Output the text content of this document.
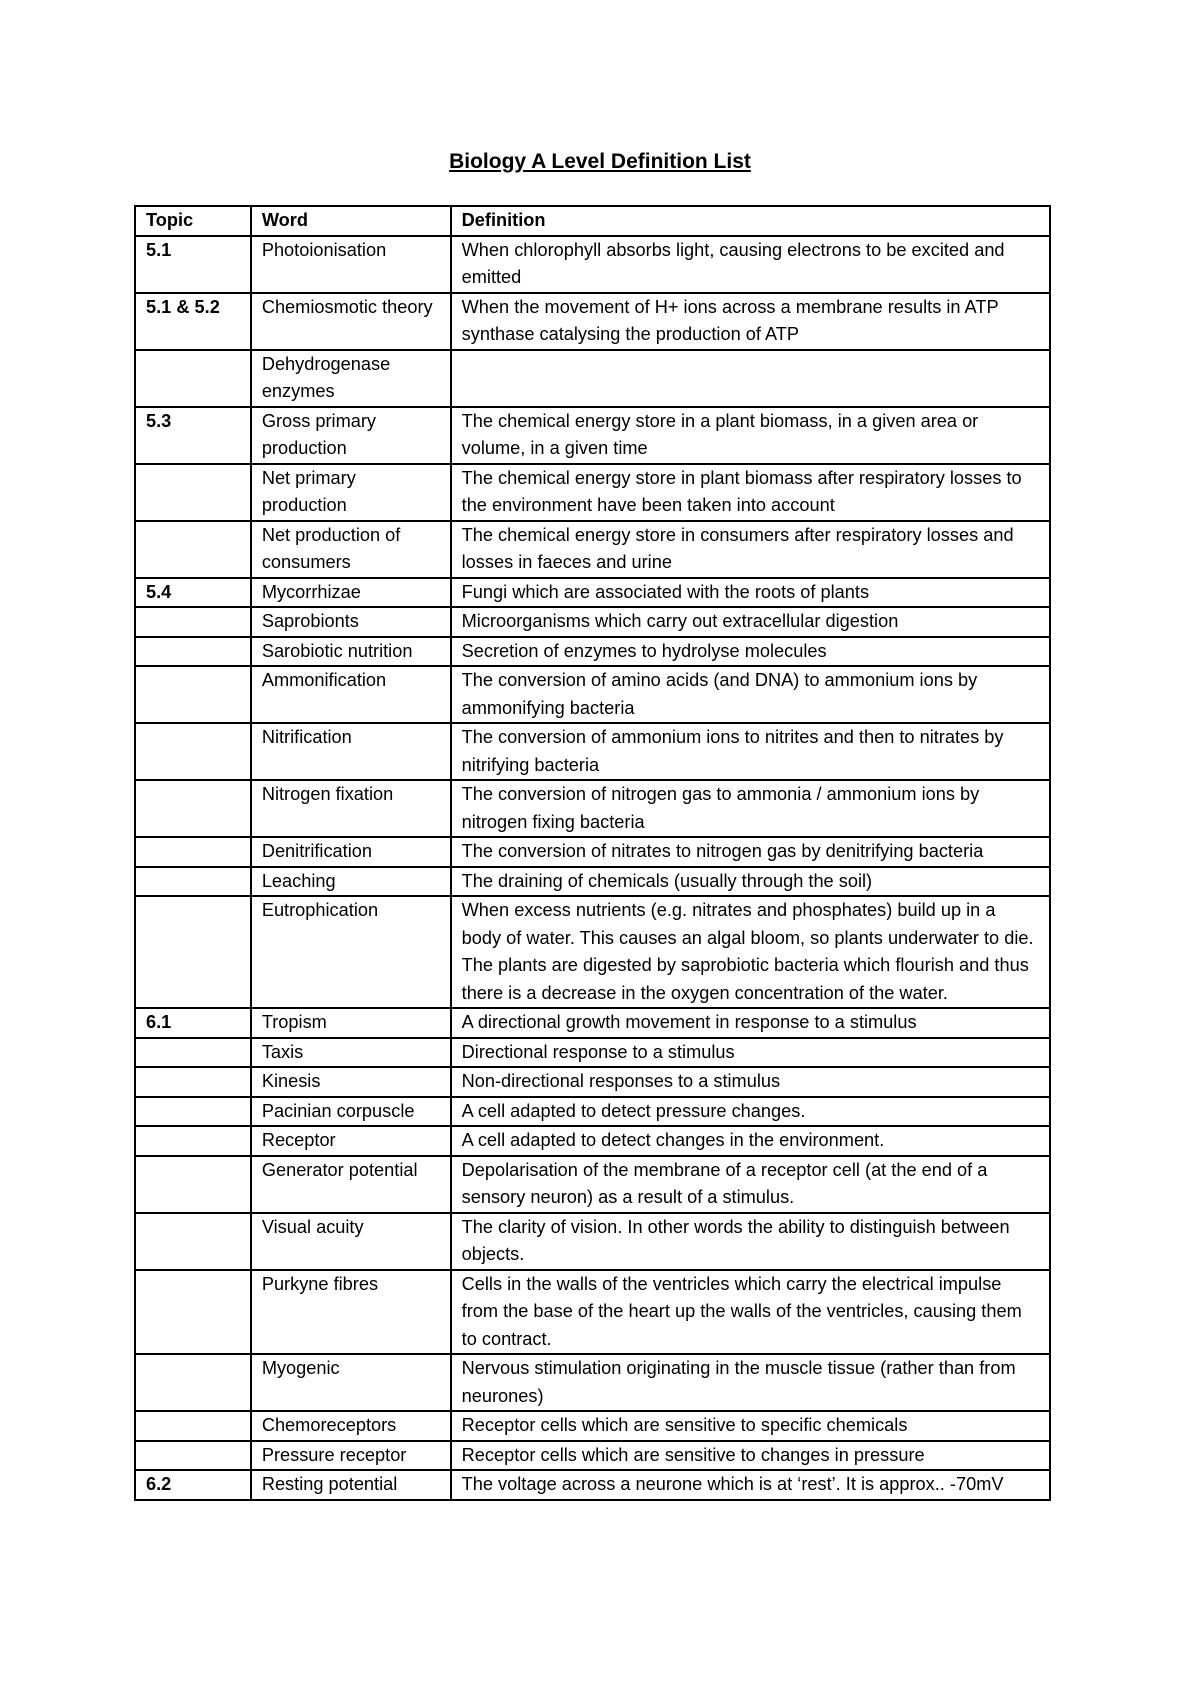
Biology A Level Definition List
Topic	Word	Definition
5.1	Photoionisation	When chlorophyll absorbs light, causing electrons to be excited and emitted
5.1 & 5.2	Chemiosmotic theory	When the movement of H+ ions across a membrane results in ATP synthase catalysing the production of ATP
	Dehydrogenase enzymes	
5.3	Gross primary production	The chemical energy store in a plant biomass, in a given area or volume, in a given time
	Net primary production	The chemical energy store in plant biomass after respiratory losses to the environment have been taken into account
	Net production of consumers	The chemical energy store in consumers after respiratory losses and losses in faeces and urine
5.4	Mycorrhizae	Fungi which are associated with the roots of plants
	Saprobionts	Microorganisms which carry out extracellular digestion
	Sarobiotic nutrition	Secretion of enzymes to hydrolyse molecules
	Ammonification	The conversion of amino acids (and DNA) to ammonium ions by ammonifying bacteria
	Nitrification	The conversion of ammonium ions to nitrites and then to nitrates by nitrifying bacteria
	Nitrogen fixation	The conversion of nitrogen gas to ammonia / ammonium ions by nitrogen fixing bacteria
	Denitrification	The conversion of nitrates to nitrogen gas by denitrifying bacteria
	Leaching	The draining of chemicals (usually through the soil)
	Eutrophication	When excess nutrients (e.g. nitrates and phosphates) build up in a body of water. This causes an algal bloom, so plants underwater to die. The plants are digested by saprobiotic bacteria which flourish and thus there is a decrease in the oxygen concentration of the water.
6.1	Tropism	A directional growth movement in response to a stimulus
	Taxis	Directional response to a stimulus
	Kinesis	Non-directional responses to a stimulus
	Pacinian corpuscle	A cell adapted to detect pressure changes.
	Receptor	A cell adapted to detect changes in the environment.
	Generator potential	Depolarisation of the membrane of a receptor cell (at the end of a sensory neuron) as a result of a stimulus.
	Visual acuity	The clarity of vision. In other words the ability to distinguish between objects.
	Purkyne fibres	Cells in the walls of the ventricles which carry the electrical impulse from the base of the heart up the walls of the ventricles, causing them to contract.
	Myogenic	Nervous stimulation originating in the muscle tissue (rather than from neurones)
	Chemoreceptors	Receptor cells which are sensitive to specific chemicals
	Pressure receptor	Receptor cells which are sensitive to changes in pressure
6.2	Resting potential	The voltage across a neurone which is at ‘rest’. It is approx.. -70mV
